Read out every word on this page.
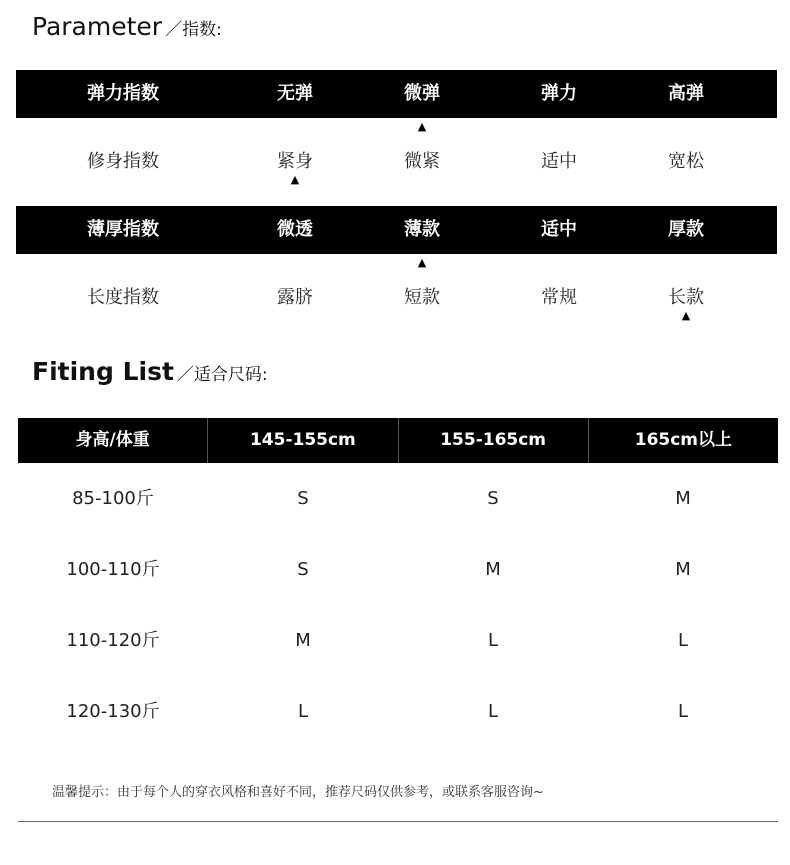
Parameter ／指数:
弹力指数	无弹	微弹	弹力	高弹
修身指数	紧身	微紧	适中	宽松
薄厚指数	微透	薄款	适中	厚款
长度指数	露脐	短款	常规	长款
Fiting List ／适合尺码:
身高/体重	145-155cm	155-165cm	165cm以上
85-100斤	S	S	M
100-110斤	S	M	M
110-120斤	M	L	L
120-130斤	L	L	L
温馨提示：由于每个人的穿衣风格和喜好不同，推荐尺码仅供参考，或联系客服咨询~
▲
▲
▲
▲
